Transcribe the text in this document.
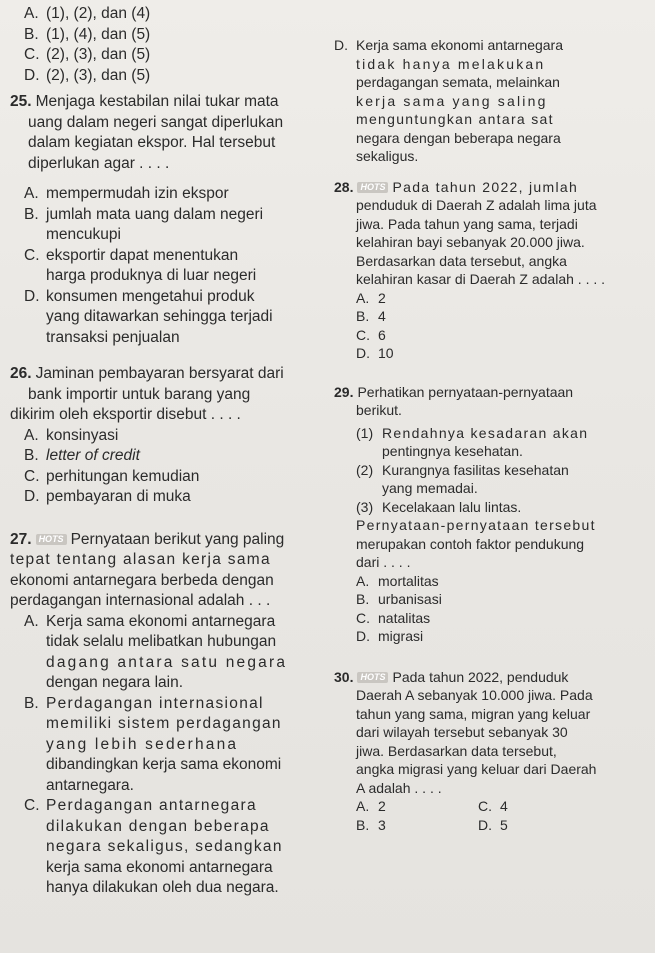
A. (1), (2), dan (4)
B. (1), (4), dan (5)
C. (2), (3), dan (5)
D. (2), (3), dan (5)
25. Menjaga kestabilan nilai tukar mata
uang dalam negeri sangat diperlukan
dalam kegiatan ekspor. Hal tersebut
diperlukan agar . . . .
A. mempermudah izin ekspor
B. jumlah mata uang dalam negeri
mencukupi
C. eksportir dapat menentukan
harga produknya di luar negeri
D. konsumen mengetahui produk
yang ditawarkan sehingga terjadi
transaksi penjualan
26. Jaminan pembayaran bersyarat dari
bank importir untuk barang yang
dikirim oleh eksportir disebut . . . .
A. konsinyasi
B. letter of credit
C. perhitungan kemudian
D. pembayaran di muka
27. HOTS Pernyataan berikut yang paling
tepat tentang alasan kerja sama
ekonomi antarnegara berbeda dengan
perdagangan internasional adalah . . .
A. Kerja sama ekonomi antarnegara
tidak selalu melibatkan hubungan
dagang antara satu negara
dengan negara lain.
B. Perdagangan internasional
memiliki sistem perdagangan
yang lebih sederhana
dibandingkan kerja sama ekonomi
antarnegara.
C. Perdagangan antarnegara
dilakukan dengan beberapa
negara sekaligus, sedangkan
kerja sama ekonomi antarnegara
hanya dilakukan oleh dua negara.
D. Kerja sama ekonomi antarnegara
tidak hanya melakukan
perdagangan semata, melainkan
kerja sama yang saling
menguntungkan antara sat
negara dengan beberapa negara
sekaligus.
28. HOTS Pada tahun 2022, jumlah
penduduk di Daerah Z adalah lima juta
jiwa. Pada tahun yang sama, terjadi
kelahiran bayi sebanyak 20.000 jiwa.
Berdasarkan data tersebut, angka
kelahiran kasar di Daerah Z adalah . . . .
A. 2
B. 4
C. 6
D. 10
29. Perhatikan pernyataan-pernyataan
berikut.
(1) Rendahnya kesadaran akan
pentingnya kesehatan.
(2) Kurangnya fasilitas kesehatan
yang memadai.
(3) Kecelakaan lalu lintas.
Pernyataan-pernyataan tersebut
merupakan contoh faktor pendukung
dari . . . .
A. mortalitas
B. urbanisasi
C. natalitas
D. migrasi
30. HOTS Pada tahun 2022, penduduk
Daerah A sebanyak 10.000 jiwa. Pada
tahun yang sama, migran yang keluar
dari wilayah tersebut sebanyak 30
jiwa. Berdasarkan data tersebut,
angka migrasi yang keluar dari Daerah
A adalah . . . .
A. 2	C. 4
B. 3	D. 5
